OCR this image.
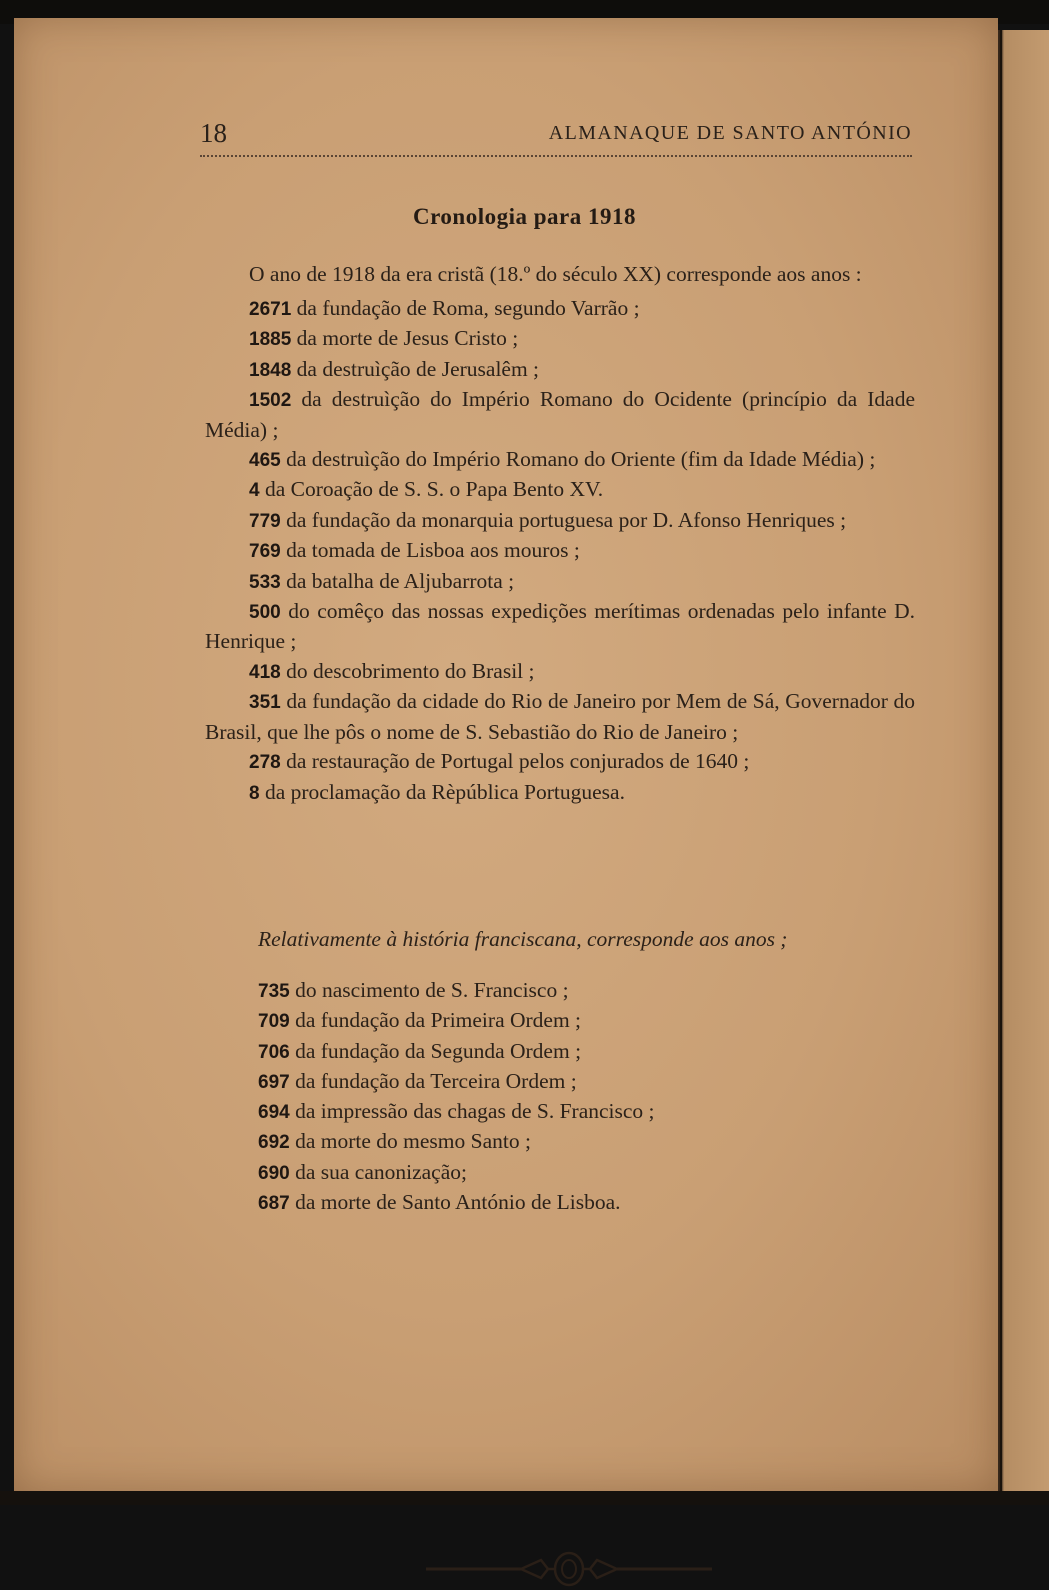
18	ALMANAQUE DE SANTO ANTÓNIO
Cronologia para 1918

O ano de 1918 da era cristã (18.º do século XX) corresponde aos anos :

2671 da fundação de Roma, segundo Varrão ;

1885 da morte de Jesus Cristo ;

1848 da destruìção de Jerusalêm ;

1502 da destruìção do Império Romano do Ocidente (princípio da Idade Média) ;

465 da destruìção do Império Romano do Oriente (fim da Idade Média) ;

4 da Coroação de S. S. o Papa Bento XV.

779 da fundação da monarquia portuguesa por D. Afonso Henriques ;

769 da tomada de Lisboa aos mouros ;

533 da batalha de Aljubarrota ;

500 do comêço das nossas expedições merítimas ordenadas pelo infante D. Henrique ;

418 do descobrimento do Brasil ;

351 da fundação da cidade do Rio de Janeiro por Mem de Sá, Governador do Brasil, que lhe pôs o nome de S. Sebastião do Rio de Janeiro ;

278 da restauração de Portugal pelos conjurados de 1640 ;

8 da proclamação da Rèpública Portuguesa.

Relativamente à história franciscana, corresponde aos anos ;
735 do nascimento de S. Francisco ;
709 da fundação da Primeira Ordem ;
706 da fundação da Segunda Ordem ;
697 da fundação da Terceira Ordem ;
694 da impressão das chagas de S. Francisco ;
692 da morte do mesmo Santo ;
690 da sua canonização;
687 da morte de Santo António de Lisboa.
